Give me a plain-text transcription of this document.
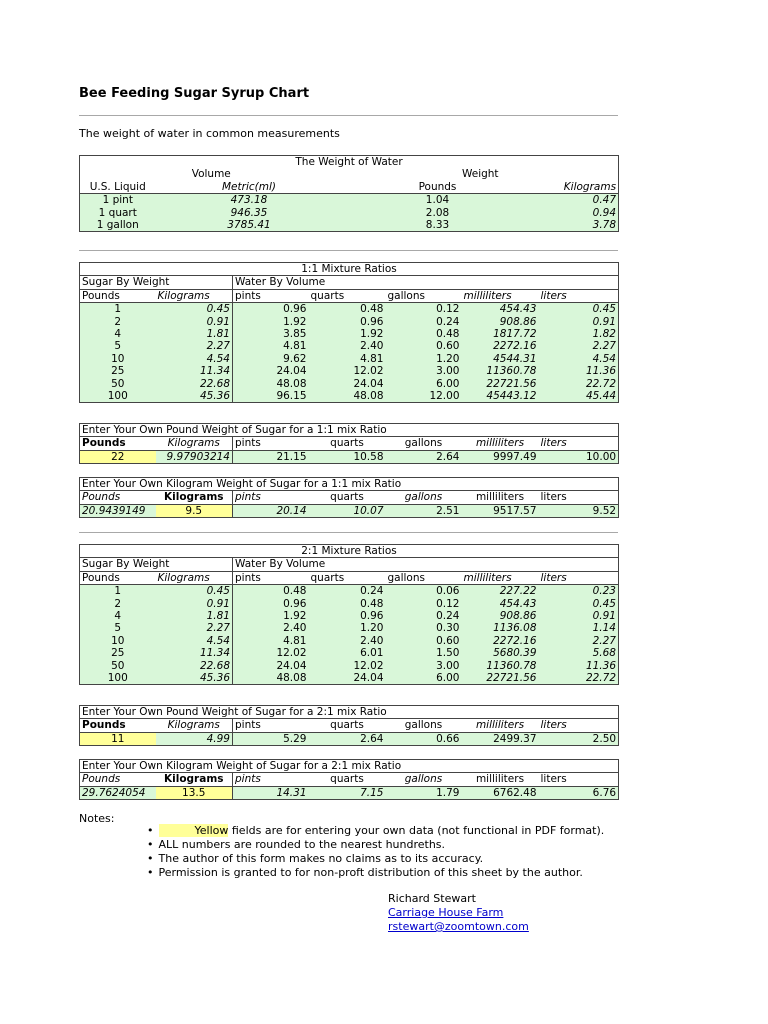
Bee Feeding Sugar Syrup Chart
The weight of water in common measurements
The Weight of Water			
Volume		Weight	
U.S. Liquid	Metric(ml)	Pounds	Kilograms
1 pint	473.18	1.04	0.47
1 quart	946.35	2.08	0.94
1 gallon	3785.41	8.33	3.78
1:1 Mixture Ratios						
Sugar By Weight		Water By Volume				
Pounds	Kilograms	pints	quarts	gallons	milliliters	liters
1	0.45	0.96	0.48	0.12	454.43	0.45
2	0.91	1.92	0.96	0.24	908.86	0.91
4	1.81	3.85	1.92	0.48	1817.72	1.82
5	2.27	4.81	2.40	0.60	2272.16	2.27
10	4.54	9.62	4.81	1.20	4544.31	4.54
25	11.34	24.04	12.02	3.00	11360.78	11.36
50	22.68	48.08	24.04	6.00	22721.56	22.72
100	45.36	96.15	48.08	12.00	45443.12	45.44
Enter Your Own Pound Weight of Sugar for a 1:1 mix Ratio						
Pounds	Kilograms	pints	quarts	gallons	milliliters	liters
22	9.97903214	21.15	10.58	2.64	9997.49	10.00
Enter Your Own Kilogram Weight of Sugar for a 1:1 mix Ratio						
Pounds	Kilograms	pints	quarts	gallons	milliliters	liters
20.9439149	9.5	20.14	10.07	2.51	9517.57	9.52
2:1 Mixture Ratios						
Sugar By Weight		Water By Volume				
Pounds	Kilograms	pints	quarts	gallons	milliliters	liters
1	0.45	0.48	0.24	0.06	227.22	0.23
2	0.91	0.96	0.48	0.12	454.43	0.45
4	1.81	1.92	0.96	0.24	908.86	0.91
5	2.27	2.40	1.20	0.30	1136.08	1.14
10	4.54	4.81	2.40	0.60	2272.16	2.27
25	11.34	12.02	6.01	1.50	5680.39	5.68
50	22.68	24.04	12.02	3.00	11360.78	11.36
100	45.36	48.08	24.04	6.00	22721.56	22.72
Enter Your Own Pound Weight of Sugar for a 2:1 mix Ratio						
Pounds	Kilograms	pints	quarts	gallons	milliliters	liters
11	4.99	5.29	2.64	0.66	2499.37	2.50
Enter Your Own Kilogram Weight of Sugar for a 2:1 mix Ratio						
Pounds	Kilograms	pints	quarts	gallons	milliliters	liters
29.7624054	13.5	14.31	7.15	1.79	6762.48	6.76
Notes:
• Yellow fields are for entering your own data (not functional in PDF format).
• ALL numbers are rounded to the nearest hundreths.
• The author of this form makes no claims as to its accuracy.
• Permission is granted to for non-proft distribution of this sheet by the author.
Richard Stewart
Carriage House Farm
rstewart@zoomtown.com
